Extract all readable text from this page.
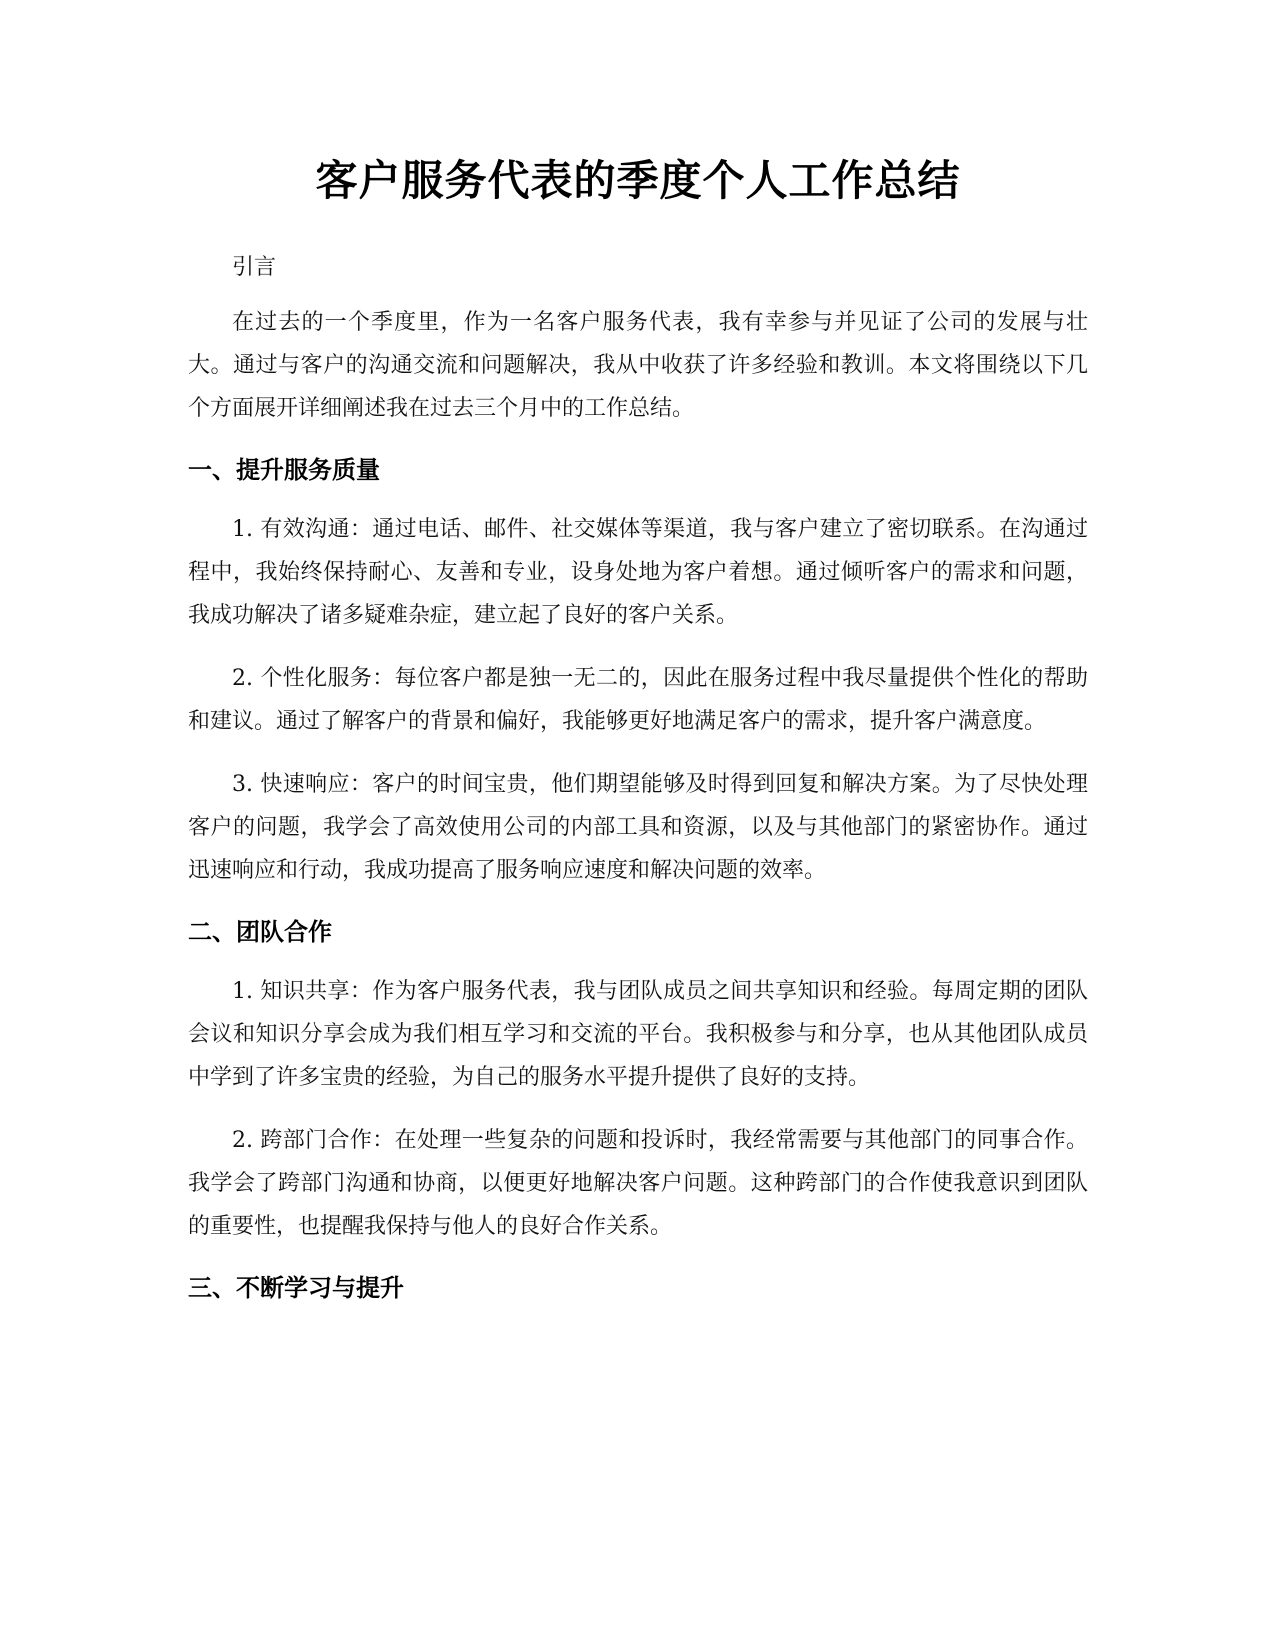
客户服务代表的季度个人工作总结

引言

在过去的一个季度里，作为一名客户服务代表，我有幸参与并见证了公司的发展与壮大。通过与客户的沟通交流和问题解决，我从中收获了许多经验和教训。本文将围绕以下几个方面展开详细阐述我在过去三个月中的工作总结。

一、提升服务质量

1. 有效沟通：通过电话、邮件、社交媒体等渠道，我与客户建立了密切联系。在沟通过程中，我始终保持耐心、友善和专业，设身处地为客户着想。通过倾听客户的需求和问题，我成功解决了诸多疑难杂症，建立起了良好的客户关系。

2. 个性化服务：每位客户都是独一无二的，因此在服务过程中我尽量提供个性化的帮助和建议。通过了解客户的背景和偏好，我能够更好地满足客户的需求，提升客户满意度。

3. 快速响应：客户的时间宝贵，他们期望能够及时得到回复和解决方案。为了尽快处理客户的问题，我学会了高效使用公司的内部工具和资源，以及与其他部门的紧密协作。通过迅速响应和行动，我成功提高了服务响应速度和解决问题的效率。

二、团队合作

1. 知识共享：作为客户服务代表，我与团队成员之间共享知识和经验。每周定期的团队会议和知识分享会成为我们相互学习和交流的平台。我积极参与和分享，也从其他团队成员中学到了许多宝贵的经验，为自己的服务水平提升提供了良好的支持。

2. 跨部门合作：在处理一些复杂的问题和投诉时，我经常需要与其他部门的同事合作。我学会了跨部门沟通和协商，以便更好地解决客户问题。这种跨部门的合作使我意识到团队的重要性，也提醒我保持与他人的良好合作关系。

三、不断学习与提升
